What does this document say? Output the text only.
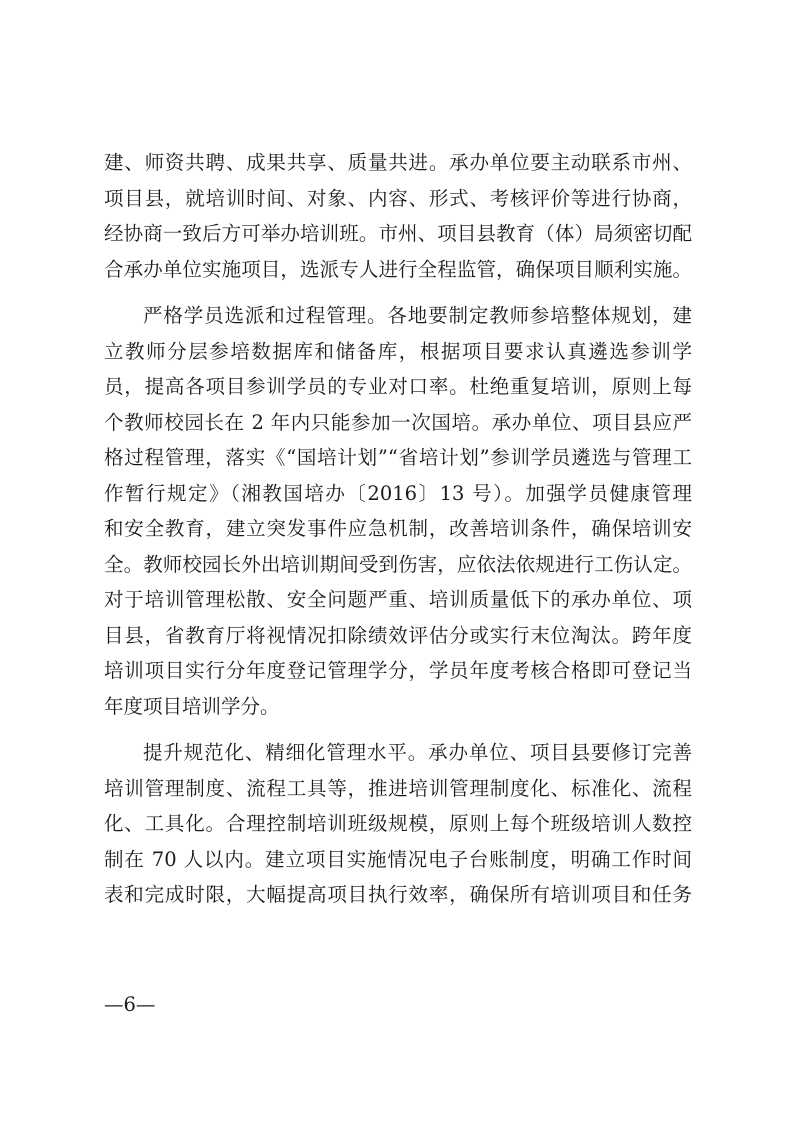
建、师资共聘、成果共享、质量共进。承办单位要主动联系市州、
项目县，就培训时间、对象、内容、形式、考核评价等进行协商，
经协商一致后方可举办培训班。市州、项目县教育（体）局须密切配
合承办单位实施项目，选派专人进行全程监管，确保项目顺利实施。
严格学员选派和过程管理。各地要制定教师参培整体规划，建
立教师分层参培数据库和储备库，根据项目要求认真遴选参训学
员，提高各项目参训学员的专业对口率。杜绝重复培训，原则上每
个教师校园长在 2 年内只能参加一次国培。承办单位、项目县应严
格过程管理，落实《“国培计划”“省培计划”参训学员遴选与管理工
作暂行规定》（湘教国培办〔2016〕13 号）。加强学员健康管理
和安全教育，建立突发事件应急机制，改善培训条件，确保培训安
全。教师校园长外出培训期间受到伤害，应依法依规进行工伤认定。
对于培训管理松散、安全问题严重、培训质量低下的承办单位、项
目县，省教育厅将视情况扣除绩效评估分或实行末位淘汰。跨年度
培训项目实行分年度登记管理学分，学员年度考核合格即可登记当
年度项目培训学分。
提升规范化、精细化管理水平。承办单位、项目县要修订完善
培训管理制度、流程工具等，推进培训管理制度化、标准化、流程
化、工具化。合理控制培训班级规模，原则上每个班级培训人数控
制在 70 人以内。建立项目实施情况电子台账制度，明确工作时间
表和完成时限，大幅提高项目执行效率，确保所有培训项目和任务
—6—
